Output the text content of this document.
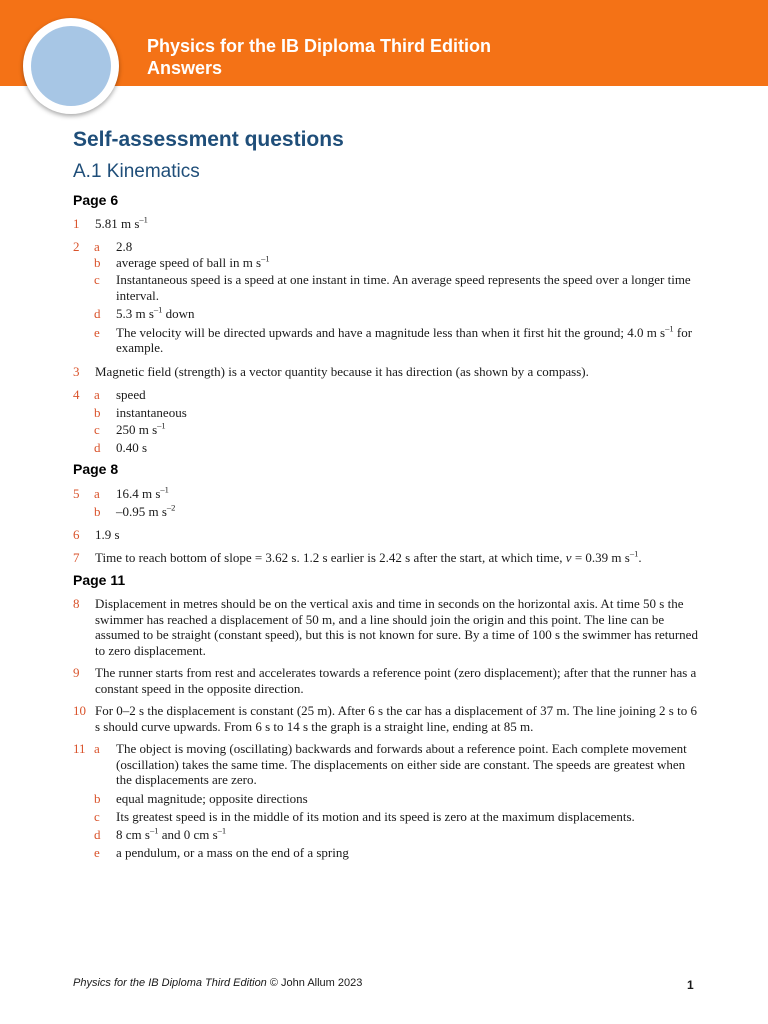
Physics for the IB Diploma Third Edition
Answers
Self-assessment questions
A.1 Kinematics
Page 6
1 5.81 m $s^{-1}$
2 a 2.8
b average speed of ball in m $s^{-1}$
c Instantaneous speed is a speed at one instant in time. An average speed represents the speed over a longer time interval.
d 5.3 m $s^{-1}$ down
e The velocity will be directed upwards and have a magnitude less than when it first hit the ground; 4.0 m $s^{-1}$ for example.
3 Magnetic field (strength) is a vector quantity because it has direction (as shown by a compass).
4 a speed
b instantaneous
c 250 m $s^{-1}$
d 0.40 s
Page 8
5 a 16.4 m $s^{-1}$
b –0.95 m $s^{-2}$
6 1.9 s
7 Time to reach bottom of slope = 3.62 s. 1.2 s earlier is 2.42 s after the start, at which time, v = 0.39 m $s^{-1}$.
Page 11
8 Displacement in metres should be on the vertical axis and time in seconds on the horizontal axis. At time 50 s the swimmer has reached a displacement of 50 m, and a line should join the origin and this point. The line can be assumed to be straight (constant speed), but this is not known for sure. By a time of 100 s the swimmer has returned to zero displacement.
9 The runner starts from rest and accelerates towards a reference point (zero displacement); after that the runner has a constant speed in the opposite direction.
10 For 0–2 s the displacement is constant (25 m). After 6 s the car has a displacement of 37 m. The line joining 2 s to 6 s should curve upwards. From 6 s to 14 s the graph is a straight line, ending at 85 m.
11 a The object is moving (oscillating) backwards and forwards about a reference point. Each complete movement (oscillation) takes the same time. The displacements on either side are constant. The speeds are greatest when the displacements are zero.
b equal magnitude; opposite directions
c Its greatest speed is in the middle of its motion and its speed is zero at the maximum displacements.
d 8 cm $s^{-1}$ and 0 cm $s^{-1}$
e a pendulum, or a mass on the end of a spring
Physics for the IB Diploma Third Edition © John Allum 2023	1
